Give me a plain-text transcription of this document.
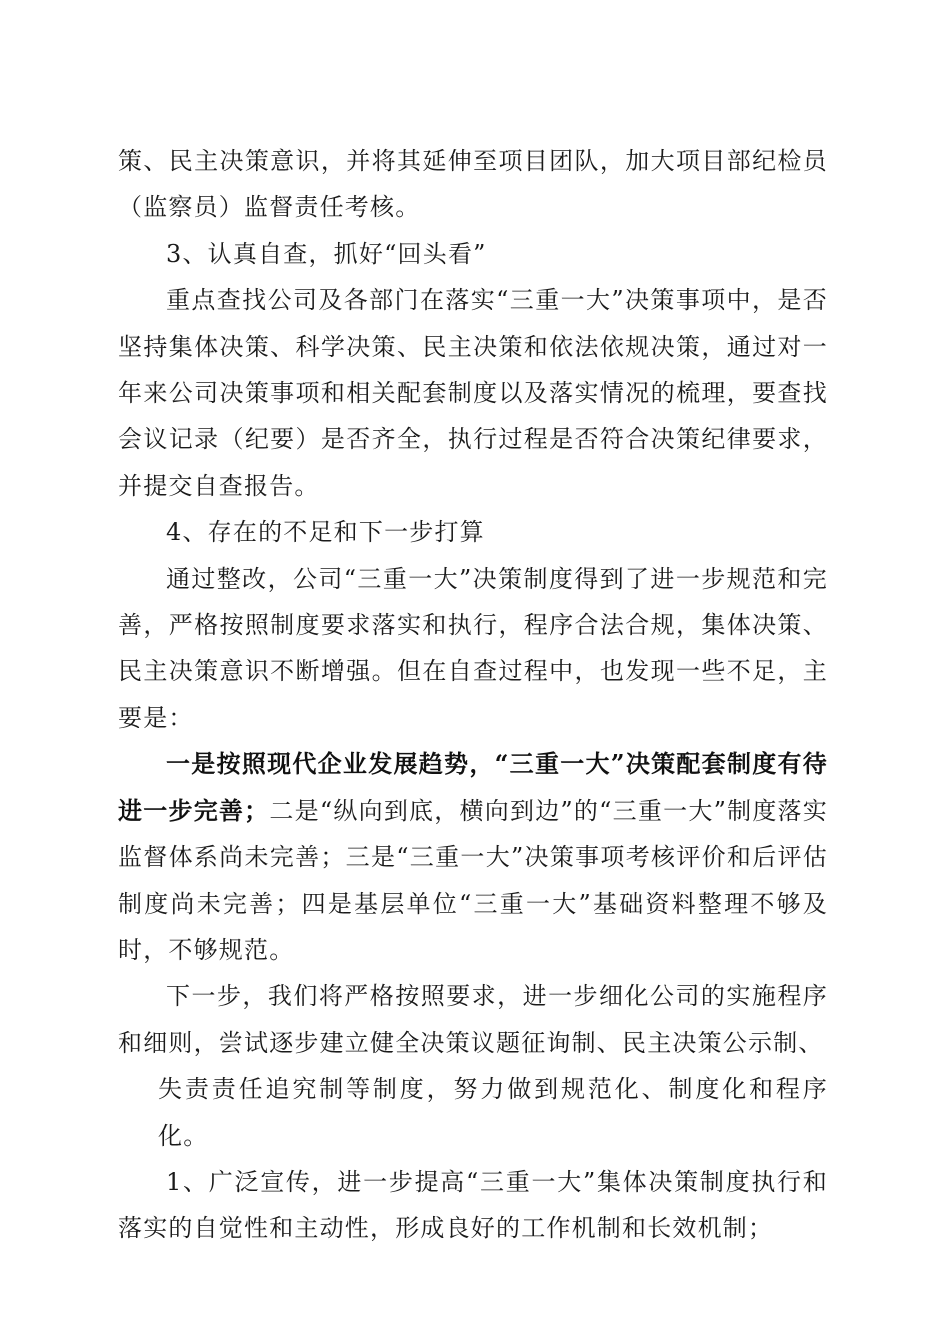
策、民主决策意识，并将其延伸至项目团队，加大项目部纪检员（监察员）监督责任考核。

3、认真自查，抓好“回头看”

重点查找公司及各部门在落实“三重一大”决策事项中，是否坚持集体决策、科学决策、民主决策和依法依规决策，通过对一年来公司决策事项和相关配套制度以及落实情况的梳理，要查找会议记录（纪要）是否齐全，执行过程是否符合决策纪律要求，并提交自查报告。

4、存在的不足和下一步打算

通过整改，公司“三重一大”决策制度得到了进一步规范和完善，严格按照制度要求落实和执行，程序合法合规，集体决策、民主决策意识不断增强。但在自查过程中，也发现一些不足，主要是：

一是按照现代企业发展趋势，“三重一大”决策配套制度有待进一步完善；二是“纵向到底，横向到边”的“三重一大”制度落实监督体系尚未完善；三是“三重一大”决策事项考核评价和后评估制度尚未完善；四是基层单位“三重一大”基础资料整理不够及时，不够规范。

下一步，我们将严格按照要求，进一步细化公司的实施程序和细则，尝试逐步建立健全决策议题征询制、民主决策公示制、

失责责任追究制等制度，努力做到规范化、制度化和程序化。

1、广泛宣传，进一步提高“三重一大”集体决策制度执行和落实的自觉性和主动性，形成良好的工作机制和长效机制；
